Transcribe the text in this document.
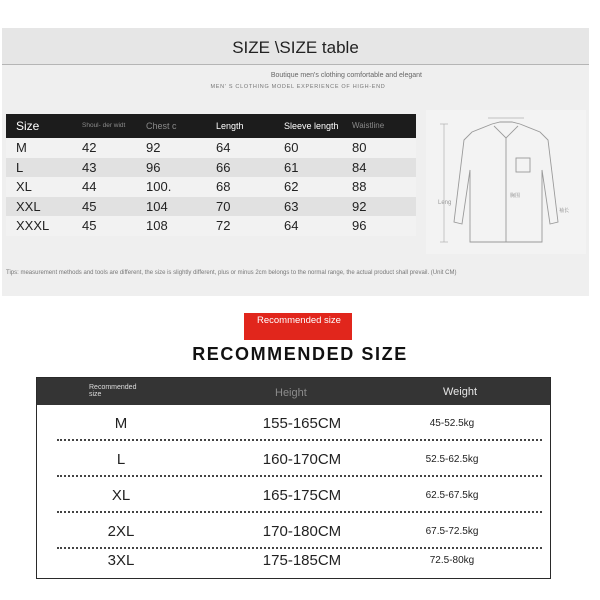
SIZE \SIZE table
Boutique men's clothing comfortable and elegant
MEN' S CLOTHING MODEL EXPERIENCE OF HIGH-END
Size	Shoul- der widt	Chest c	Length	Sleeve length	Waistline
M	42	92	64	60	80
L	43	96	66	61	84
XL	44	100.	68	62	88
XXL	45	104	70	63	92
XXXL	45	108	72	64	96
Leng
胸围
袖长
Tips: measurement methods and tools are different, the size is slightly different, plus or minus 2cm belongs to the normal range, the actual product shall prevail. (Unit CM)
Recommended size
RECOMMENDED SIZE
Recommended size	Height	Weight
M	155-165CM	45-52.5kg
L	160-170CM	52.5-62.5kg
XL	165-175CM	62.5-67.5kg
2XL	170-180CM	67.5-72.5kg
3XL	175-185CM	72.5-80kg
